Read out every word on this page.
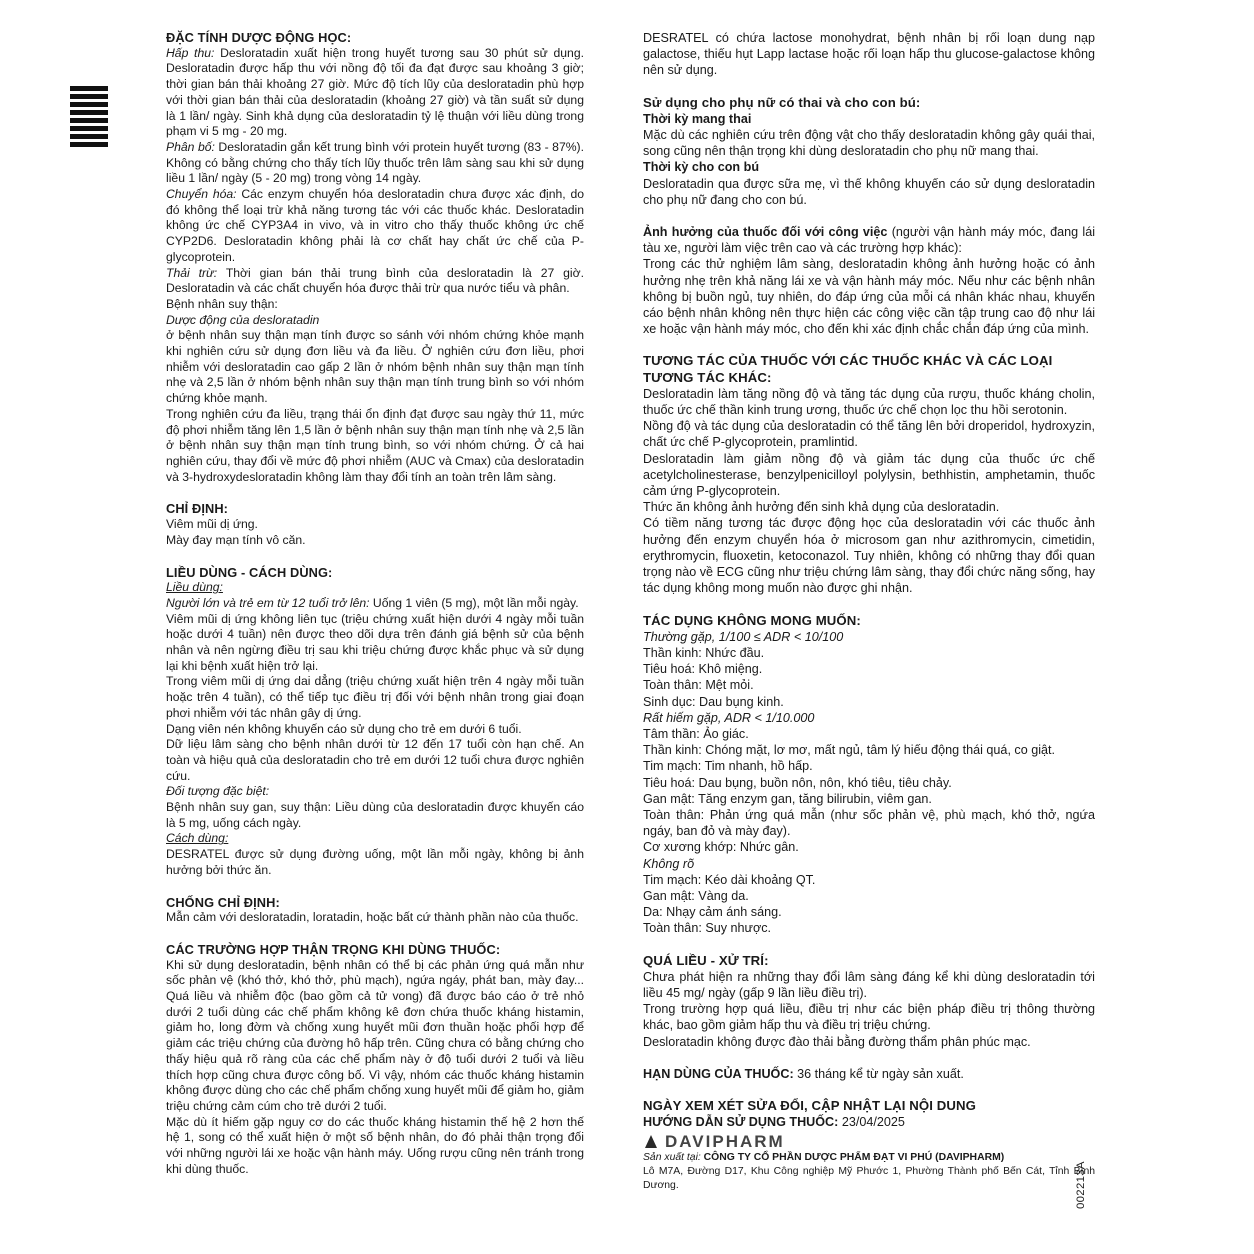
ĐẶC TÍNH DƯỢC ĐỘNG HỌC:

Hấp thu: Desloratadin xuất hiện trong huyết tương sau 30 phút sử dụng. Desloratadin được hấp thu với nồng độ tối đa đạt được sau khoảng 3 giờ; thời gian bán thải khoảng 27 giờ. Mức độ tích lũy của desloratadin phù hợp với thời gian bán thải của desloratadin (khoảng 27 giờ) và tần suất sử dụng là 1 lần/ ngày. Sinh khả dụng của desloratadin tỷ lệ thuận với liều dùng trong phạm vi 5 mg - 20 mg.

Phân bố: Desloratadin gắn kết trung bình với protein huyết tương (83 - 87%). Không có bằng chứng cho thấy tích lũy thuốc trên lâm sàng sau khi sử dụng liều 1 lần/ ngày (5 - 20 mg) trong vòng 14 ngày.

Chuyển hóa: Các enzym chuyển hóa desloratadin chưa được xác định, do đó không thể loại trừ khả năng tương tác với các thuốc khác. Desloratadin không ức chế CYP3A4 in vivo, và in vitro cho thấy thuốc không ức chế CYP2D6. Desloratadin không phải là cơ chất hay chất ức chế của P-glycoprotein.

Thải trừ: Thời gian bán thải trung bình của desloratadin là 27 giờ. Desloratadin và các chất chuyển hóa được thải trừ qua nước tiểu và phân.

Bệnh nhân suy thận:

Dược động của desloratadin

ở bệnh nhân suy thận mạn tính được so sánh với nhóm chứng khỏe mạnh khi nghiên cứu sử dụng đơn liều và đa liều. Ở nghiên cứu đơn liều, phơi nhiễm với desloratadin cao gấp 2 lần ở nhóm bệnh nhân suy thận mạn tính nhẹ và 2,5 lần ở nhóm bệnh nhân suy thận mạn tính trung bình so với nhóm chứng khỏe mạnh.

Trong nghiên cứu đa liều, trạng thái ổn định đạt được sau ngày thứ 11, mức độ phơi nhiễm tăng lên 1,5 lần ở bệnh nhân suy thận mạn tính nhẹ và 2,5 lần ở bệnh nhân suy thận mạn tính trung bình, so với nhóm chứng. Ở cả hai nghiên cứu, thay đổi về mức độ phơi nhiễm (AUC và Cmax) của desloratadin và 3-hydroxydesloratadin không làm thay đổi tính an toàn trên lâm sàng.

CHỈ ĐỊNH:

Viêm mũi dị ứng.

Mày đay mạn tính vô căn.

LIỀU DÙNG - CÁCH DÙNG:

Liều dùng:

Người lớn và trẻ em từ 12 tuổi trở lên: Uống 1 viên (5 mg), một lần mỗi ngày.

Viêm mũi dị ứng không liên tục (triệu chứng xuất hiện dưới 4 ngày mỗi tuần hoặc dưới 4 tuần) nên được theo dõi dựa trên đánh giá bệnh sử của bệnh nhân và nên ngừng điều trị sau khi triệu chứng được khắc phục và sử dụng lại khi bệnh xuất hiện trở lại.

Trong viêm mũi dị ứng dai dẳng (triệu chứng xuất hiện trên 4 ngày mỗi tuần hoặc trên 4 tuần), có thể tiếp tục điều trị đối với bệnh nhân trong giai đoạn phơi nhiễm với tác nhân gây dị ứng.

Dạng viên nén không khuyến cáo sử dụng cho trẻ em dưới 6 tuổi.

Dữ liệu lâm sàng cho bệnh nhân dưới từ 12 đến 17 tuổi còn hạn chế. An toàn và hiệu quả của desloratadin cho trẻ em dưới 12 tuổi chưa được nghiên cứu.

Đối tượng đặc biệt:

Bệnh nhân suy gan, suy thận: Liều dùng của desloratadin được khuyến cáo là 5 mg, uống cách ngày.

Cách dùng:

DESRATEL được sử dụng đường uống, một lần mỗi ngày, không bị ảnh hưởng bởi thức ăn.

CHỐNG CHỈ ĐỊNH:

Mẫn cảm với desloratadin, loratadin, hoặc bất cứ thành phần nào của thuốc.

CÁC TRƯỜNG HỢP THẬN TRỌNG KHI DÙNG THUỐC:

Khi sử dụng desloratadin, bệnh nhân có thể bị các phản ứng quá mẫn như sốc phản vệ (khó thở, khó thở, phù mạch), ngứa ngáy, phát ban, mày đay... Quá liều và nhiễm độc (bao gồm cả tử vong) đã được báo cáo ở trẻ nhỏ dưới 2 tuổi dùng các chế phẩm không kê đơn chứa thuốc kháng histamin, giảm ho, long đờm và chống xung huyết mũi đơn thuần hoặc phối hợp để giảm các triệu chứng của đường hô hấp trên. Cũng chưa có bằng chứng cho thấy hiệu quả rõ ràng của các chế phẩm này ở độ tuổi dưới 2 tuổi và liều thích hợp cũng chưa được công bố. Vì vậy, nhóm các thuốc kháng histamin không được dùng cho các chế phẩm chống xung huyết mũi để giảm ho, giảm triệu chứng cảm cúm cho trẻ dưới 2 tuổi.

Mặc dù ít hiếm gặp nguy cơ do các thuốc kháng histamin thế hệ 2 hơn thế hệ 1, song có thể xuất hiện ở một số bệnh nhân, do đó phải thận trọng đối với những người lái xe hoặc vận hành máy. Uống rượu cũng nên tránh trong khi dùng thuốc.

DESRATEL có chứa lactose monohydrat, bệnh nhân bị rối loạn dung nạp galactose, thiếu hụt Lapp lactase hoặc rối loạn hấp thu glucose-galactose không nên sử dụng.

Sử dụng cho phụ nữ có thai và cho con bú:

Thời kỳ mang thai

Mặc dù các nghiên cứu trên động vật cho thấy desloratadin không gây quái thai, song cũng nên thận trọng khi dùng desloratadin cho phụ nữ mang thai.

Thời kỳ cho con bú

Desloratadin qua được sữa mẹ, vì thế không khuyến cáo sử dụng desloratadin cho phụ nữ đang cho con bú.

Ảnh hưởng của thuốc đối với công việc (người vận hành máy móc, đang lái tàu xe, người làm việc trên cao và các trường hợp khác):

Trong các thử nghiệm lâm sàng, desloratadin không ảnh hưởng hoặc có ảnh hưởng nhẹ trên khả năng lái xe và vận hành máy móc. Nếu như các bệnh nhân không bị buồn ngủ, tuy nhiên, do đáp ứng của mỗi cá nhân khác nhau, khuyến cáo bệnh nhân không nên thực hiện các công việc cần tập trung cao độ như lái xe hoặc vận hành máy móc, cho đến khi xác định chắc chắn đáp ứng của mình.

TƯƠNG TÁC CỦA THUỐC VỚI CÁC THUỐC KHÁC VÀ CÁC LOẠI TƯƠNG TÁC KHÁC:

Desloratadin làm tăng nồng độ và tăng tác dụng của rượu, thuốc kháng cholin, thuốc ức chế thần kinh trung ương, thuốc ức chế chọn lọc thu hồi serotonin.

Nồng độ và tác dụng của desloratadin có thể tăng lên bởi droperidol, hydroxyzin, chất ức chế P-glycoprotein, pramlintid.

Desloratadin làm giảm nồng độ và giảm tác dụng của thuốc ức chế acetylcholinesterase, benzylpenicilloyl polylysin, bethhistin, amphetamin, thuốc cảm ứng P-glycoprotein.

Thức ăn không ảnh hưởng đến sinh khả dụng của desloratadin.

Có tiềm năng tương tác được động học của desloratadin với các thuốc ảnh hưởng đến enzym chuyển hóa ở microsom gan như azithromycin, cimetidin, erythromycin, fluoxetin, ketoconazol. Tuy nhiên, không có những thay đổi quan trọng nào về ECG cũng như triệu chứng lâm sàng, thay đổi chức năng sống, hay tác dụng không mong muốn nào được ghi nhận.

TÁC DỤNG KHÔNG MONG MUỐN:

Thường gặp, 1/100 ≤ ADR < 10/100

Thần kinh: Nhức đầu.

Tiêu hoá: Khô miệng.

Toàn thân: Mệt mỏi.

Sinh dục: Dau bụng kinh.

Rất hiếm gặp, ADR < 1/10.000

Tâm thần: Ảo giác.

Thần kinh: Chóng mặt, lơ mơ, mất ngủ, tâm lý hiếu động thái quá, co giật.

Tim mạch: Tim nhanh, hồ hấp.

Tiêu hoá: Dau bụng, buồn nôn, nôn, khó tiêu, tiêu chảy.

Gan mật: Tăng enzym gan, tăng bilirubin, viêm gan.

Toàn thân: Phản ứng quá mẫn (như sốc phản vệ, phù mạch, khó thở, ngứa ngáy, ban đỏ và mày đay).

Cơ xương khớp: Nhức gân.

Không rõ

Tim mạch: Kéo dài khoảng QT.

Gan mật: Vàng da.

Da: Nhạy cảm ánh sáng.

Toàn thân: Suy nhược.

QUÁ LIỀU - XỬ TRÍ:

Chưa phát hiện ra những thay đổi lâm sàng đáng kể khi dùng desloratadin tới liều 45 mg/ ngày (gấp 9 lần liều điều trị).

Trong trường hợp quá liều, điều trị như các biện pháp điều trị thông thường khác, bao gồm giảm hấp thu và điều trị triệu chứng.

Desloratadin không được đào thải bằng đường thẩm phân phúc mạc.

HẠN DÙNG CỦA THUỐC: 36 tháng kể từ ngày sản xuất.

NGÀY XEM XÉT SỬA ĐỔI, CẬP NHẬT LẠI NỘI DUNG

HƯỚNG DẪN SỬ DỤNG THUỐC: 23/04/2025

DAVIPHARM

Sản xuất tại: CÔNG TY CỔ PHẦN DƯỢC PHẨM ĐẠT VI PHÚ (DAVIPHARM)

Lô M7A, Đường D17, Khu Công nghiệp Mỹ Phước 1, Phường Thành phố Bến Cát, Tỉnh Bình Dương.	002213A
